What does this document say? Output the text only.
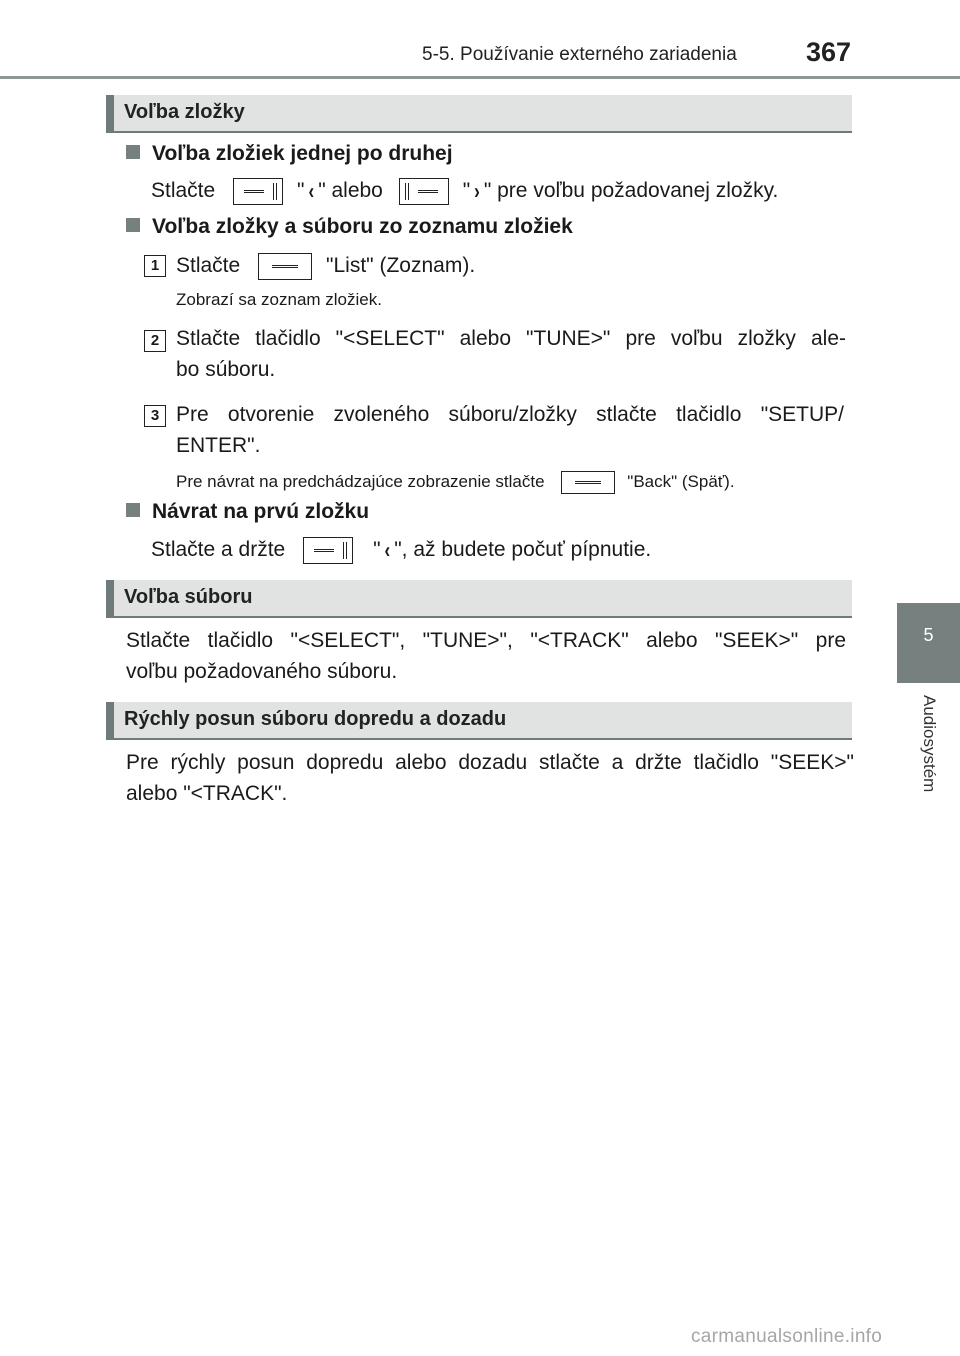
5-5. Používanie externého zariadenia	367
5
Audiosystém
Voľba zložky
Voľba zložiek jednej po druhej
Stlačte	" ‹ " alebo	" › " pre voľbu požadovanej zložky.
Voľba zložky a súboru zo zoznamu zložiek
1 Stlačte	"List" (Zoznam).
Zobrazí sa zoznam zložiek.
2 Stlačte tlačidlo "<SELECT" alebo "TUNE>" pre voľbu zložky ale-
bo súboru.
3 Pre otvorenie zvoleného súboru/zložky stlačte tlačidlo "SETUP/
ENTER".
Pre návrat na predchádzajúce zobrazenie stlačte	"Back" (Späť).
Návrat na prvú zložku
Stlačte a držte	" ‹ ", až budete počuť pípnutie.
Voľba súboru
Stlačte tlačidlo "<SELECT", "TUNE>", "<TRACK" alebo "SEEK>" pre
voľbu požadovaného súboru.
Rýchly posun súboru dopredu a dozadu
Pre rýchly posun dopredu alebo dozadu stlačte a držte tlačidlo "SEEK>"
alebo "<TRACK".
carmanualsonline.info
